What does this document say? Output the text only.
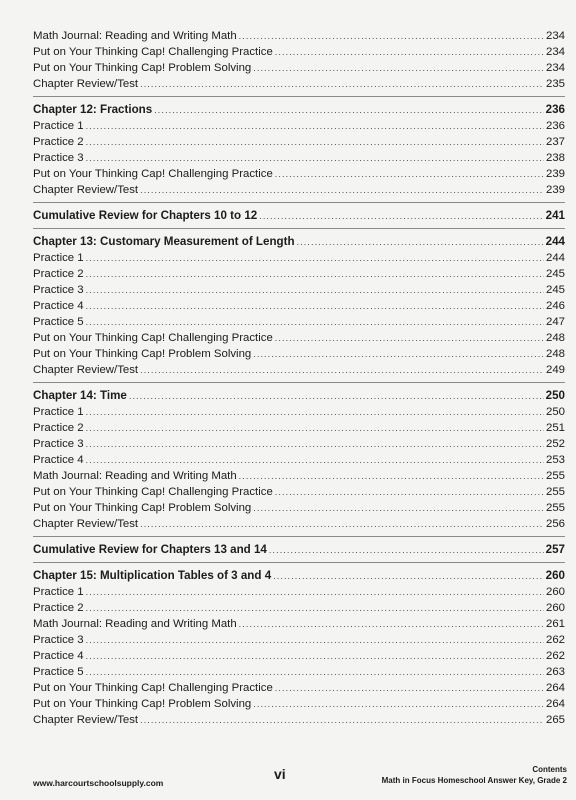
Math Journal: Reading and Writing Math .....	234
Put on Your Thinking Cap! Challenging Practice .....	234
Put on Your Thinking Cap! Problem Solving .....	234
Chapter Review/Test .....	235
Chapter 12: Fractions .....	236
Practice 1 .....	236
Practice 2 .....	237
Practice 3 .....	238
Put on Your Thinking Cap! Challenging Practice .....	239
Chapter Review/Test .....	239
Cumulative Review for Chapters 10 to 12 .....	241
Chapter 13: Customary Measurement of Length .....	244
Practice 1 .....	244
Practice 2 .....	245
Practice 3 .....	245
Practice 4 .....	246
Practice 5 .....	247
Put on Your Thinking Cap! Challenging Practice .....	248
Put on Your Thinking Cap! Problem Solving .....	248
Chapter Review/Test .....	249
Chapter 14: Time .....	250
Practice 1 .....	250
Practice 2 .....	251
Practice 3 .....	252
Practice 4 .....	253
Math Journal: Reading and Writing Math .....	255
Put on Your Thinking Cap! Challenging Practice .....	255
Put on Your Thinking Cap! Problem Solving .....	255
Chapter Review/Test .....	256
Cumulative Review for Chapters 13 and 14 .....	257
Chapter 15: Multiplication Tables of 3 and 4 .....	260
Practice 1 .....	260
Practice 2 .....	260
Math Journal: Reading and Writing Math .....	261
Practice 3 .....	262
Practice 4 .....	262
Practice 5 .....	263
Put on Your Thinking Cap! Challenging Practice .....	264
Put on Your Thinking Cap! Problem Solving .....	264
Chapter Review/Test .....	265
www.harcourtschoolsupply.com
vi	Contents
Math in Focus Homeschool Answer Key, Grade 2
